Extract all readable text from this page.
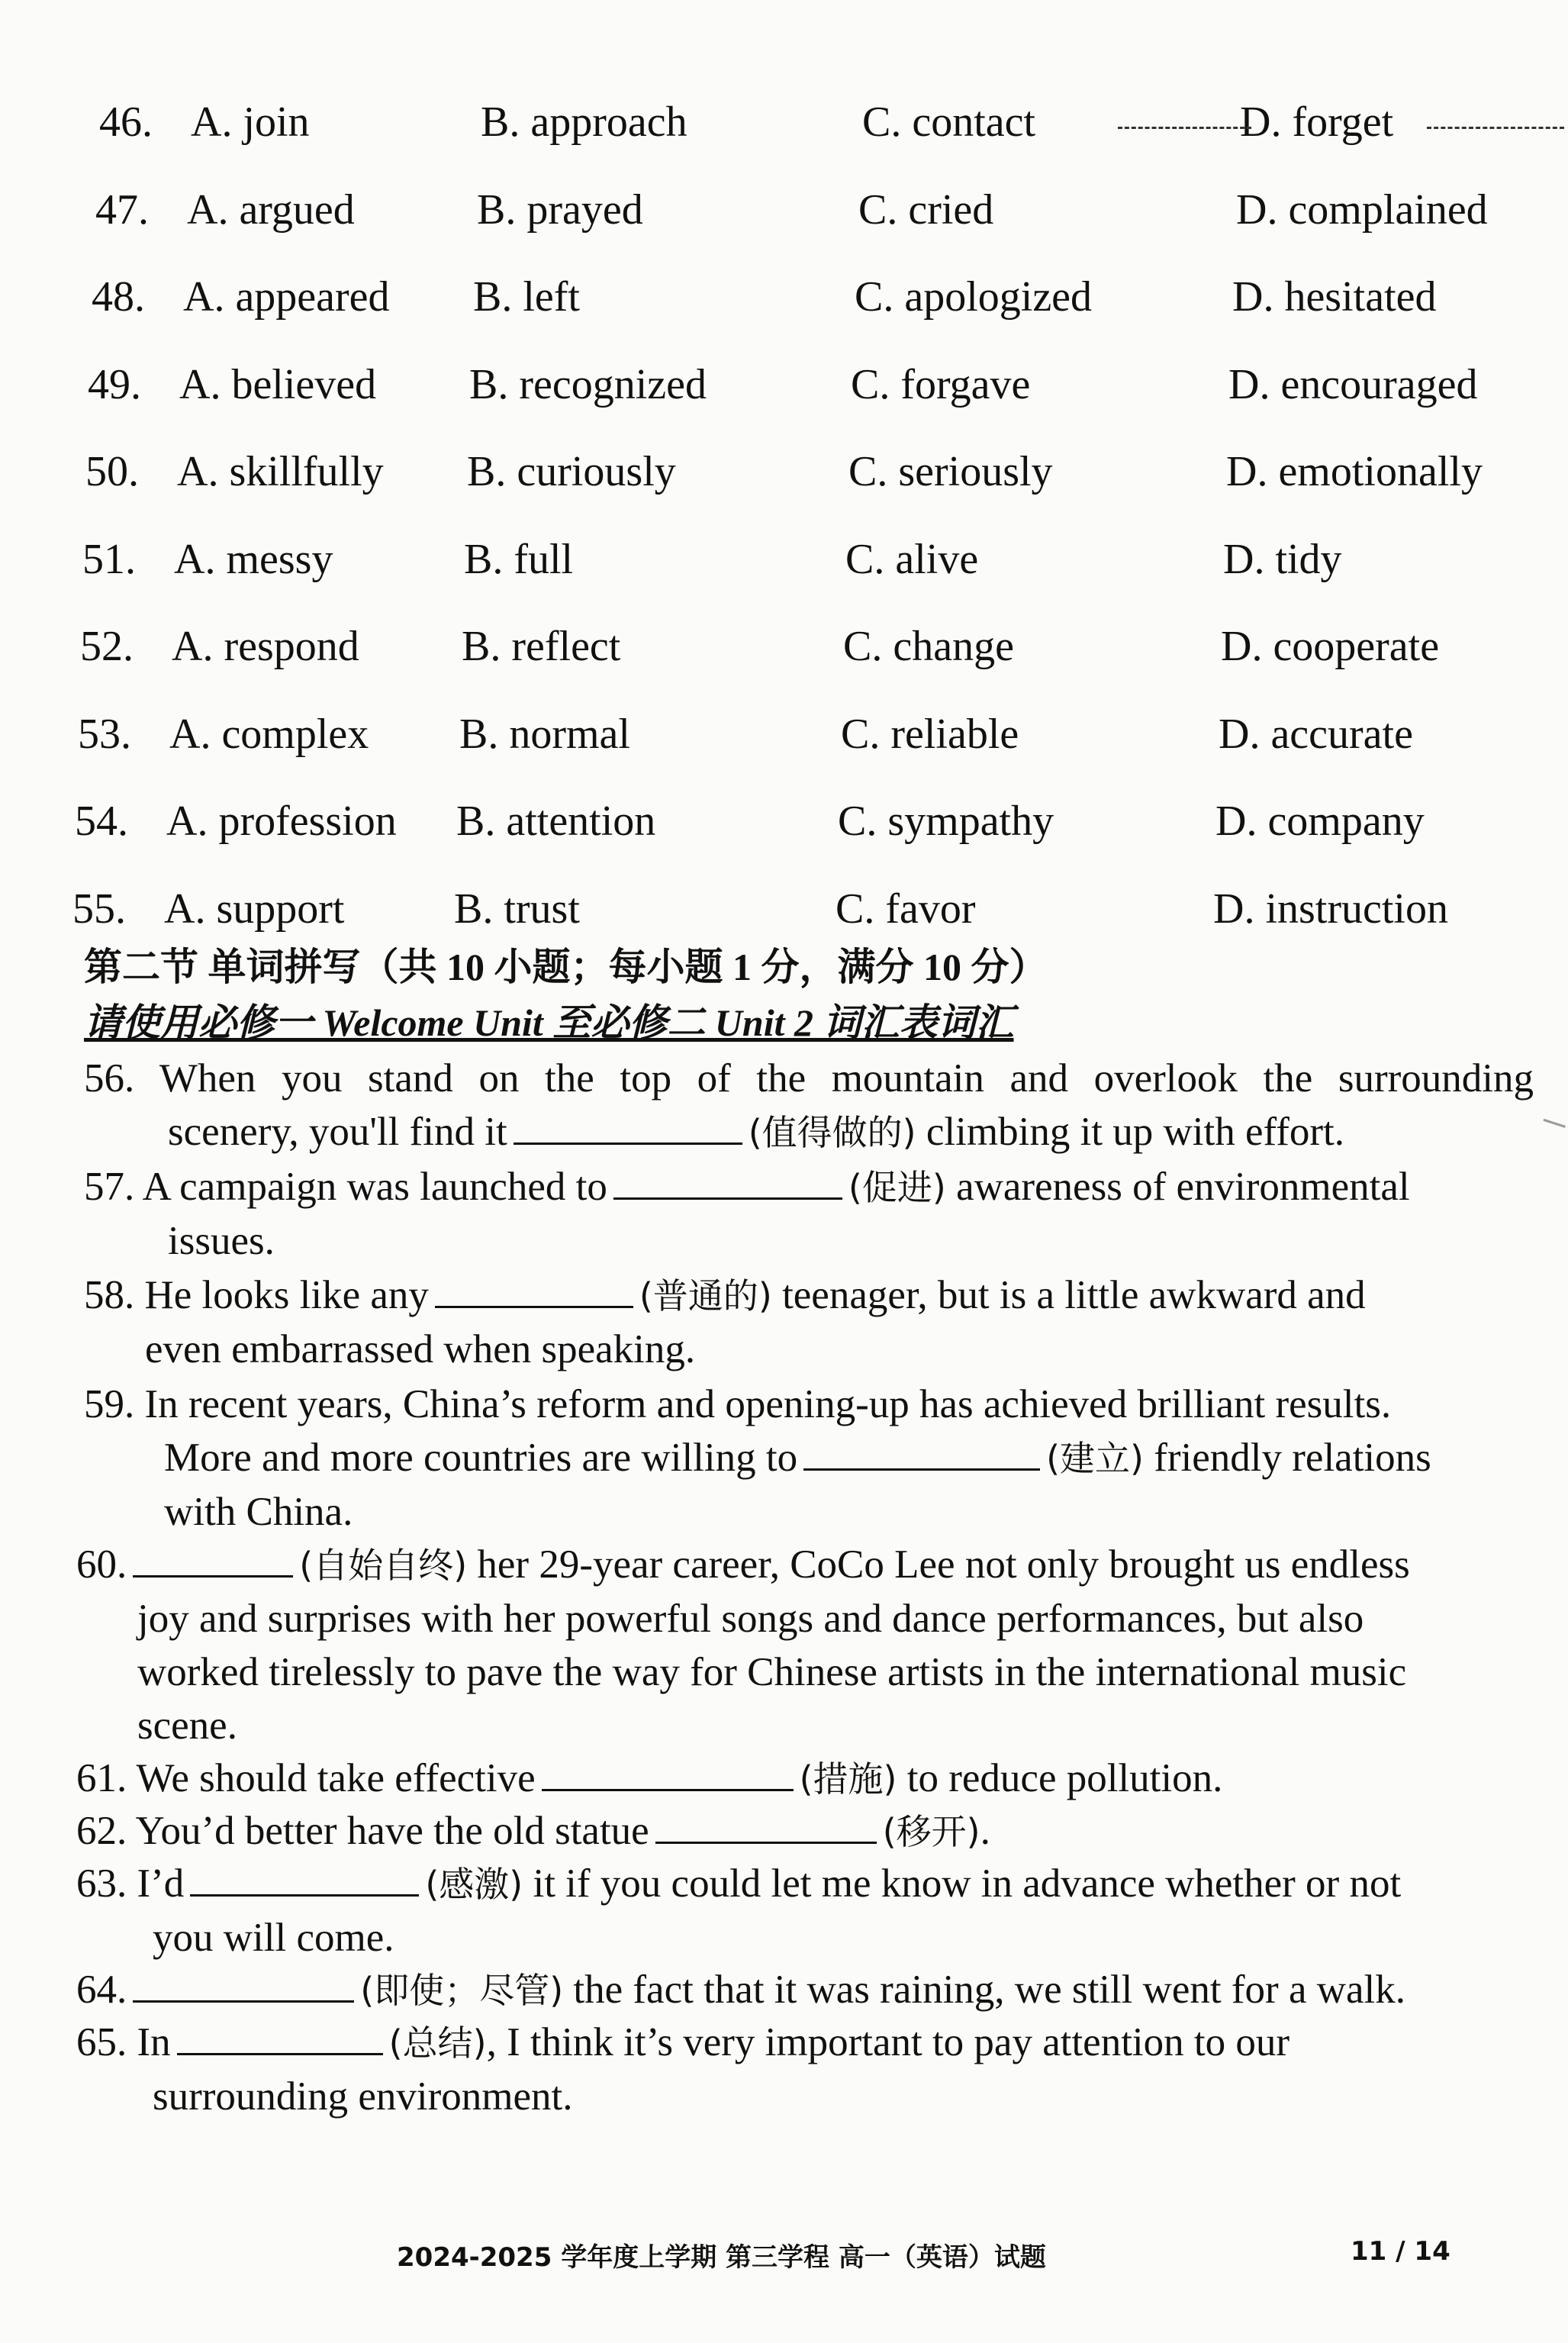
46. A. join	B. approach	C. contact	D. forget
47. A. argued	B. prayed	C. cried	D. complained
48. A. appeared B. left	C. apologized	D. hesitated
49. A. believed B. recognized	C. forgave	D. encouraged
50. A. skillfully B. curiously	C. seriously	D. emotionally
51. A. messy	B. full	C. alive	D. tidy
52. A. respond B. reflect	C. change	D. cooperate
53. A. complex B. normal	C. reliable	D. accurate
54. A. profession B. attention	C. sympathy	D. company
55. A. support	B. trust	C. favor	D. instruction
第二节 单词拼写（共 10 小题；每小题 1 分，满分 10 分）
请使用必修一 Welcome Unit 至必修二 Unit 2 词汇表词汇
56. When you stand on the top of the mountain and overlook the surrounding
scenery, you'll find it	(值得做的) climbing it up with effort.
57. A campaign was launched to	(促进) awareness of environmental
issues.
58. He looks like any	(普通的) teenager, but is a little awkward and
even embarrassed when speaking.
59. In recent years, China’s reform and opening-up has achieved brilliant results.
More and more countries are willing to	(建立) friendly relations
with China.
60.	(自始自终) her 29-year career, CoCo Lee not only brought us endless
joy and surprises with her powerful songs and dance performances, but also
worked tirelessly to pave the way for Chinese artists in the international music
scene.
61. We should take effective	(措施) to reduce pollution.
62. You’d better have the old statue	(移开).
63. I’d	(感激) it if you could let me know in advance whether or not
you will come.
64.	(即使；尽管) the fact that it was raining, we still went for a walk.
65. In	(总结), I think it’s very important to pay attention to our
surrounding environment.
2024-2025 学年度上学期 第三学程 高一（英语）试题	11 / 14
